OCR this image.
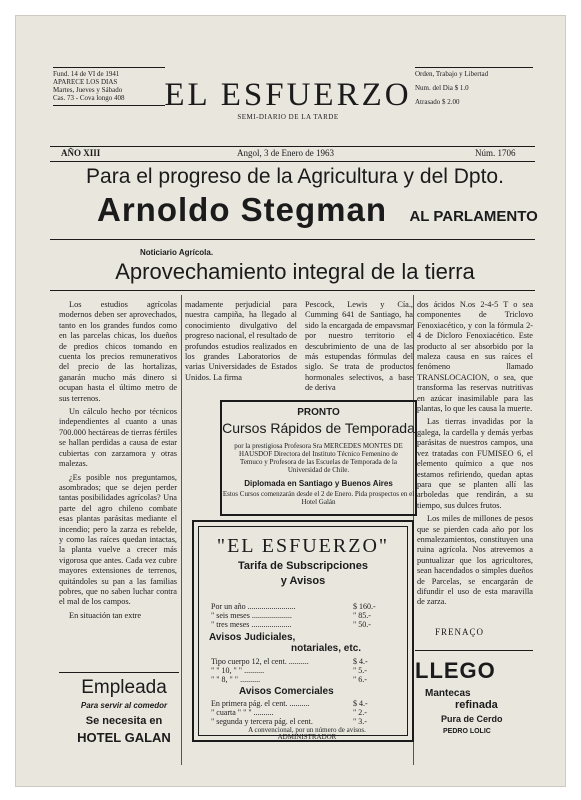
Fund. 14 de VI de 1941
APARECE LOS DIAS
Martes, Jueves y Sábado
Cas. 73 - Cova longo 408	EL ESFUERZO
SEMI-DIARIO DE LA TARDE
Orden, Trabajo y Libertad
Num. del Dia $ 1.0
Atrasado $ 2.00
AÑO XIII	Angol, 3 de Enero de 1963	Núm. 1706
Para el progreso de la Agricultura y del Dpto.
Arnoldo Stegman AL PARLAMENTO
Noticiario Agrícola.
Aprovechamiento integral de la tierra

Los estudios agrícolas modernos deben ser aprovechados, tanto en los grandes fundos como en las parcelas chicas, los dueños de predios chicos tomando en cuenta los precios remunerativos del precio de las hortalizas, ganarán mucho más dinero si ocupan hasta el último metro de sus terrenos.

Un cálculo hecho por técnicos independientes al cuanto a unas 700.000 hectáreas de tierras fértiles se hallan perdidas a causa de estar cubiertas con zarzamora y otras malezas.

¿Es posible nos preguntamos, asombrados; que se dejen perder tantas posibilidades agrícolas? Una parte del agro chileno combate esas plantas parásitas mediante el incendio; pero la zarza es rebelde, y como las raíces quedan intactas, la planta vuelve a crecer más vigorosa que antes. Cada vez cubre mayores extensiones de terrenos, quitándoles su pan a las familias pobres, que no saben luchar contra el mal de los campos.

En situación tan extre

madamente perjudicial para nuestra campiña, ha llegado al conocimiento divulgativo del progreso nacional, el resultado de profundos estudios realizados en los grandes Laboratorios de varias Universidades de Estados Unidos. La firma

Pescock, Lewis y Cía., Cumming 641 de Santiago, ha sido la encargada de empavsmar por nuestro territorio el descubrimiento de una de las más estupendas fórmulas del siglo. Se trata de productos hormonales selectivos, a base de deriva

dos ácidos N.os 2-4-5 T o sea componentes de Triclovo Fenoxiacético, y con la fórmula 2-4 de Dicloro Fenoxiacético. Este producto al ser absorbido por la maleza causa en sus raíces el fenómeno llamado TRANSLOCACION, o sea, que transforma las reservas nutritivas en azúcar inasimilable para las plantas, lo que les causa la muerte.

Las tierras invadidas por la galega, la cardella y demás yerbas parásitas de nuestros campos, una vez tratadas con FUMISEO 6, el elemento químico a que nos estamos refiriendo, quedan aptas para que se planten allí las arboledas que rendirán, a su tiempo, sus dulces frutos.

Los miles de millones de pesos que se pierden cada año por los enmalezamientos, constituyen una ruina agrícola. Nos atrevemos a puntualizar que los agricultores, sean hacendados o simples dueños de Parcelas, se encargarán de difundir el uso de esta maravilla de zarza.

FRENAÇO
PRONTO
Cursos Rápidos de Temporada
por la prestigiosa Profesora Sra MERCEDES MONTES DE HAUSDOF Directora del Instituto Técnico Femenino de Temuco y Profesora de las Escuelas de Temporada de la Universidad de Chile.
Diplomada en Santiago y Buenos Aires
Estos Cursos comenzarán desde el 2 de Enero. Pida prospectos en el Hotel Galán
"EL ESFUERZO"
Tarifa de Subscripciones
y Avisos
Por un año ........................	$ 160.-
" seis meses ....................	" 85.-
" tres meses ....................	" 50.-
Avisos Judiciales,
notariales, etc.
Tipo cuerpo 12, el cent. ..........	$ 4.-
" " 10, " " ..........	" 5.-
" " 8, " " ..........	" 6.-
Avisos Comerciales
En primera pág. el cent. ..........	$ 4.-
" cuarta " " " ..........	" 2.-
" segunda y tercera pág. el cent.	" 3.-
A convencional, por un número de avisos.
ADMINISTRADOR
Empleada
Para servir al comedor
Se necesita en
HOTEL GALAN
LLEGO
Mantecas
refinada
Pura de Cerdo
PEDRO LOLIC
